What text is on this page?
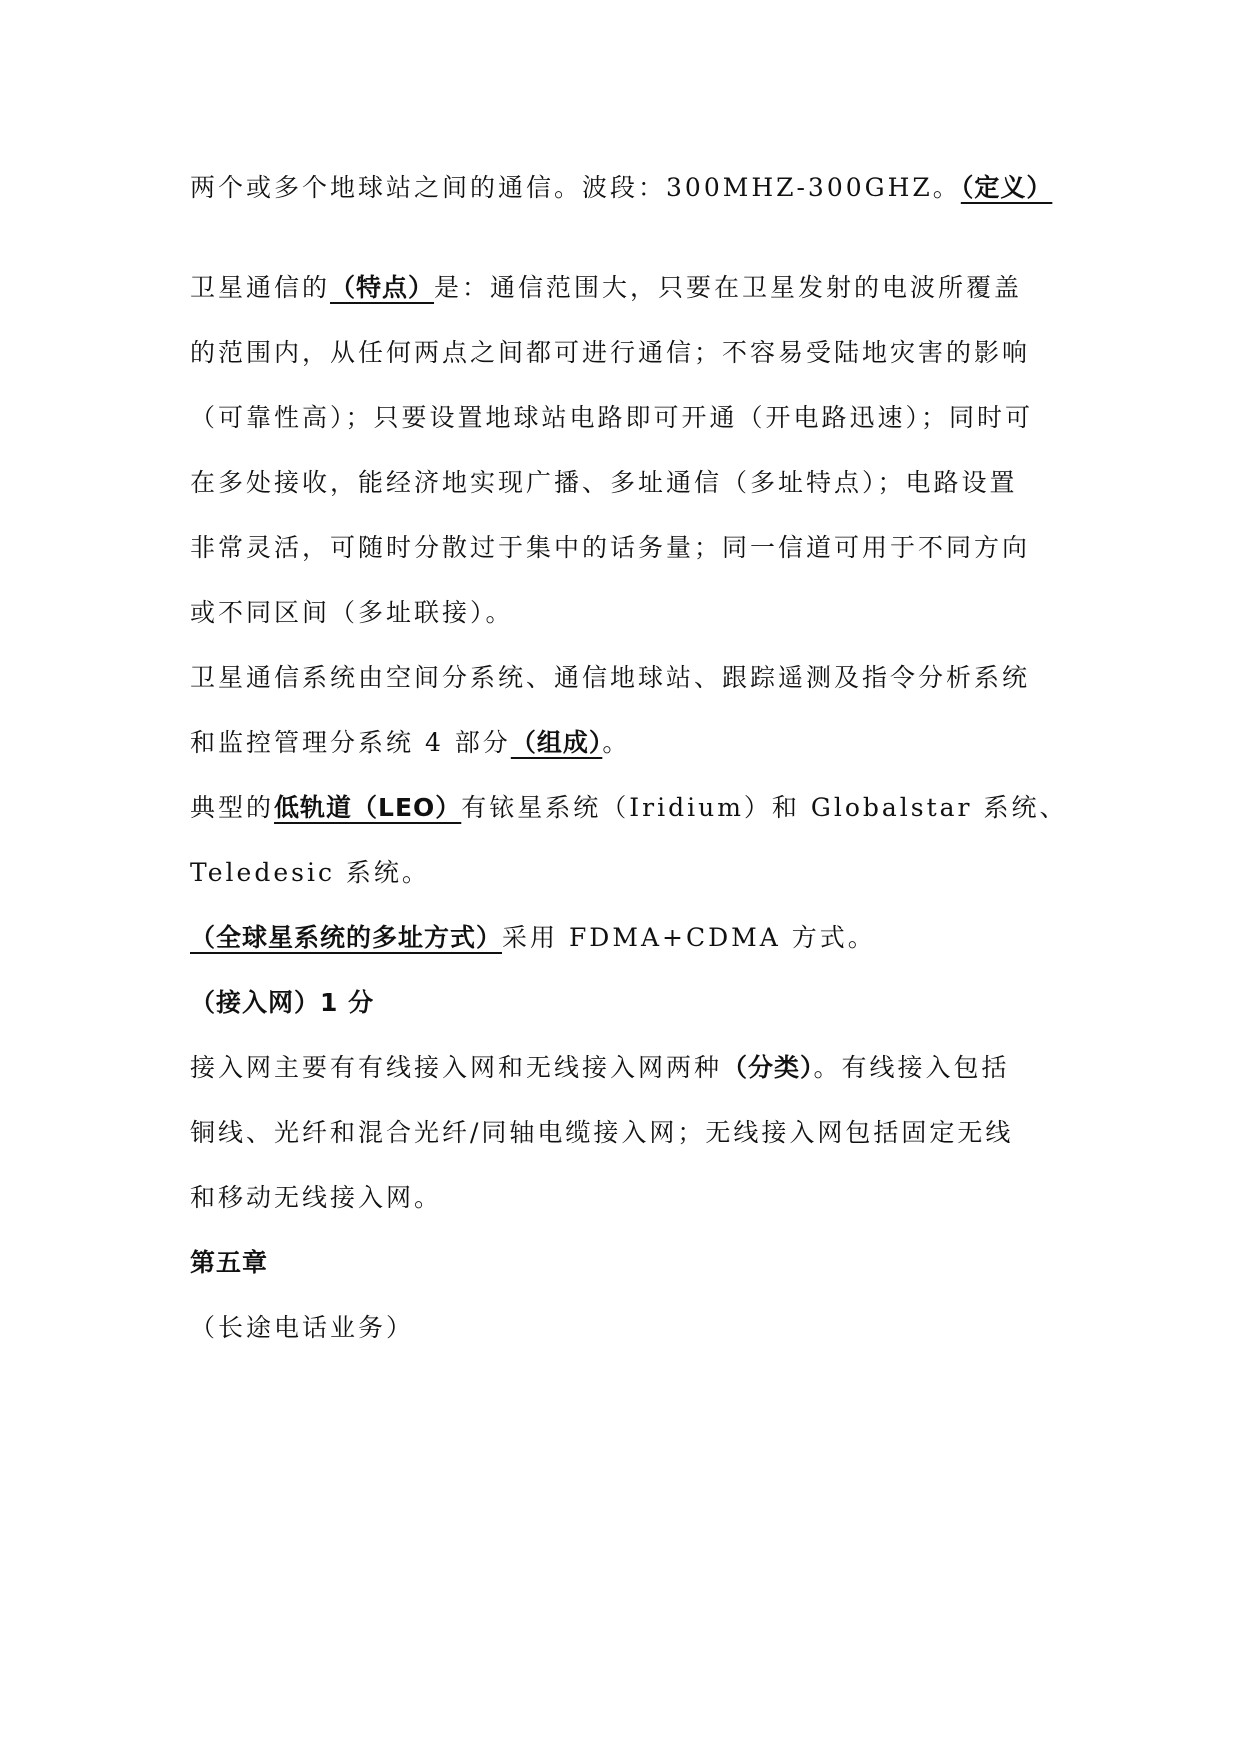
两个或多个地球站之间的通信。波段：300MHZ-300GHZ。（定义）
卫星通信的（特点）是：通信范围大，只要在卫星发射的电波所覆盖
的范围内，从任何两点之间都可进行通信；不容易受陆地灾害的影响
（可靠性高）；只要设置地球站电路即可开通（开电路迅速）；同时可
在多处接收，能经济地实现广播、多址通信（多址特点）；电路设置
非常灵活，可随时分散过于集中的话务量；同一信道可用于不同方向
或不同区间（多址联接）。
卫星通信系统由空间分系统、通信地球站、跟踪遥测及指令分析系统
和监控管理分系统 4 部分（组成）。
典型的低轨道（LEO）有铱星系统（Iridium）和 Globalstar 系统、
Teledesic 系统。
（全球星系统的多址方式）采用 FDMA+CDMA 方式。
（接入网）1 分
接入网主要有有线接入网和无线接入网两种（分类）。有线接入包括
铜线、光纤和混合光纤/同轴电缆接入网；无线接入网包括固定无线
和移动无线接入网。
第五章
（长途电话业务）
